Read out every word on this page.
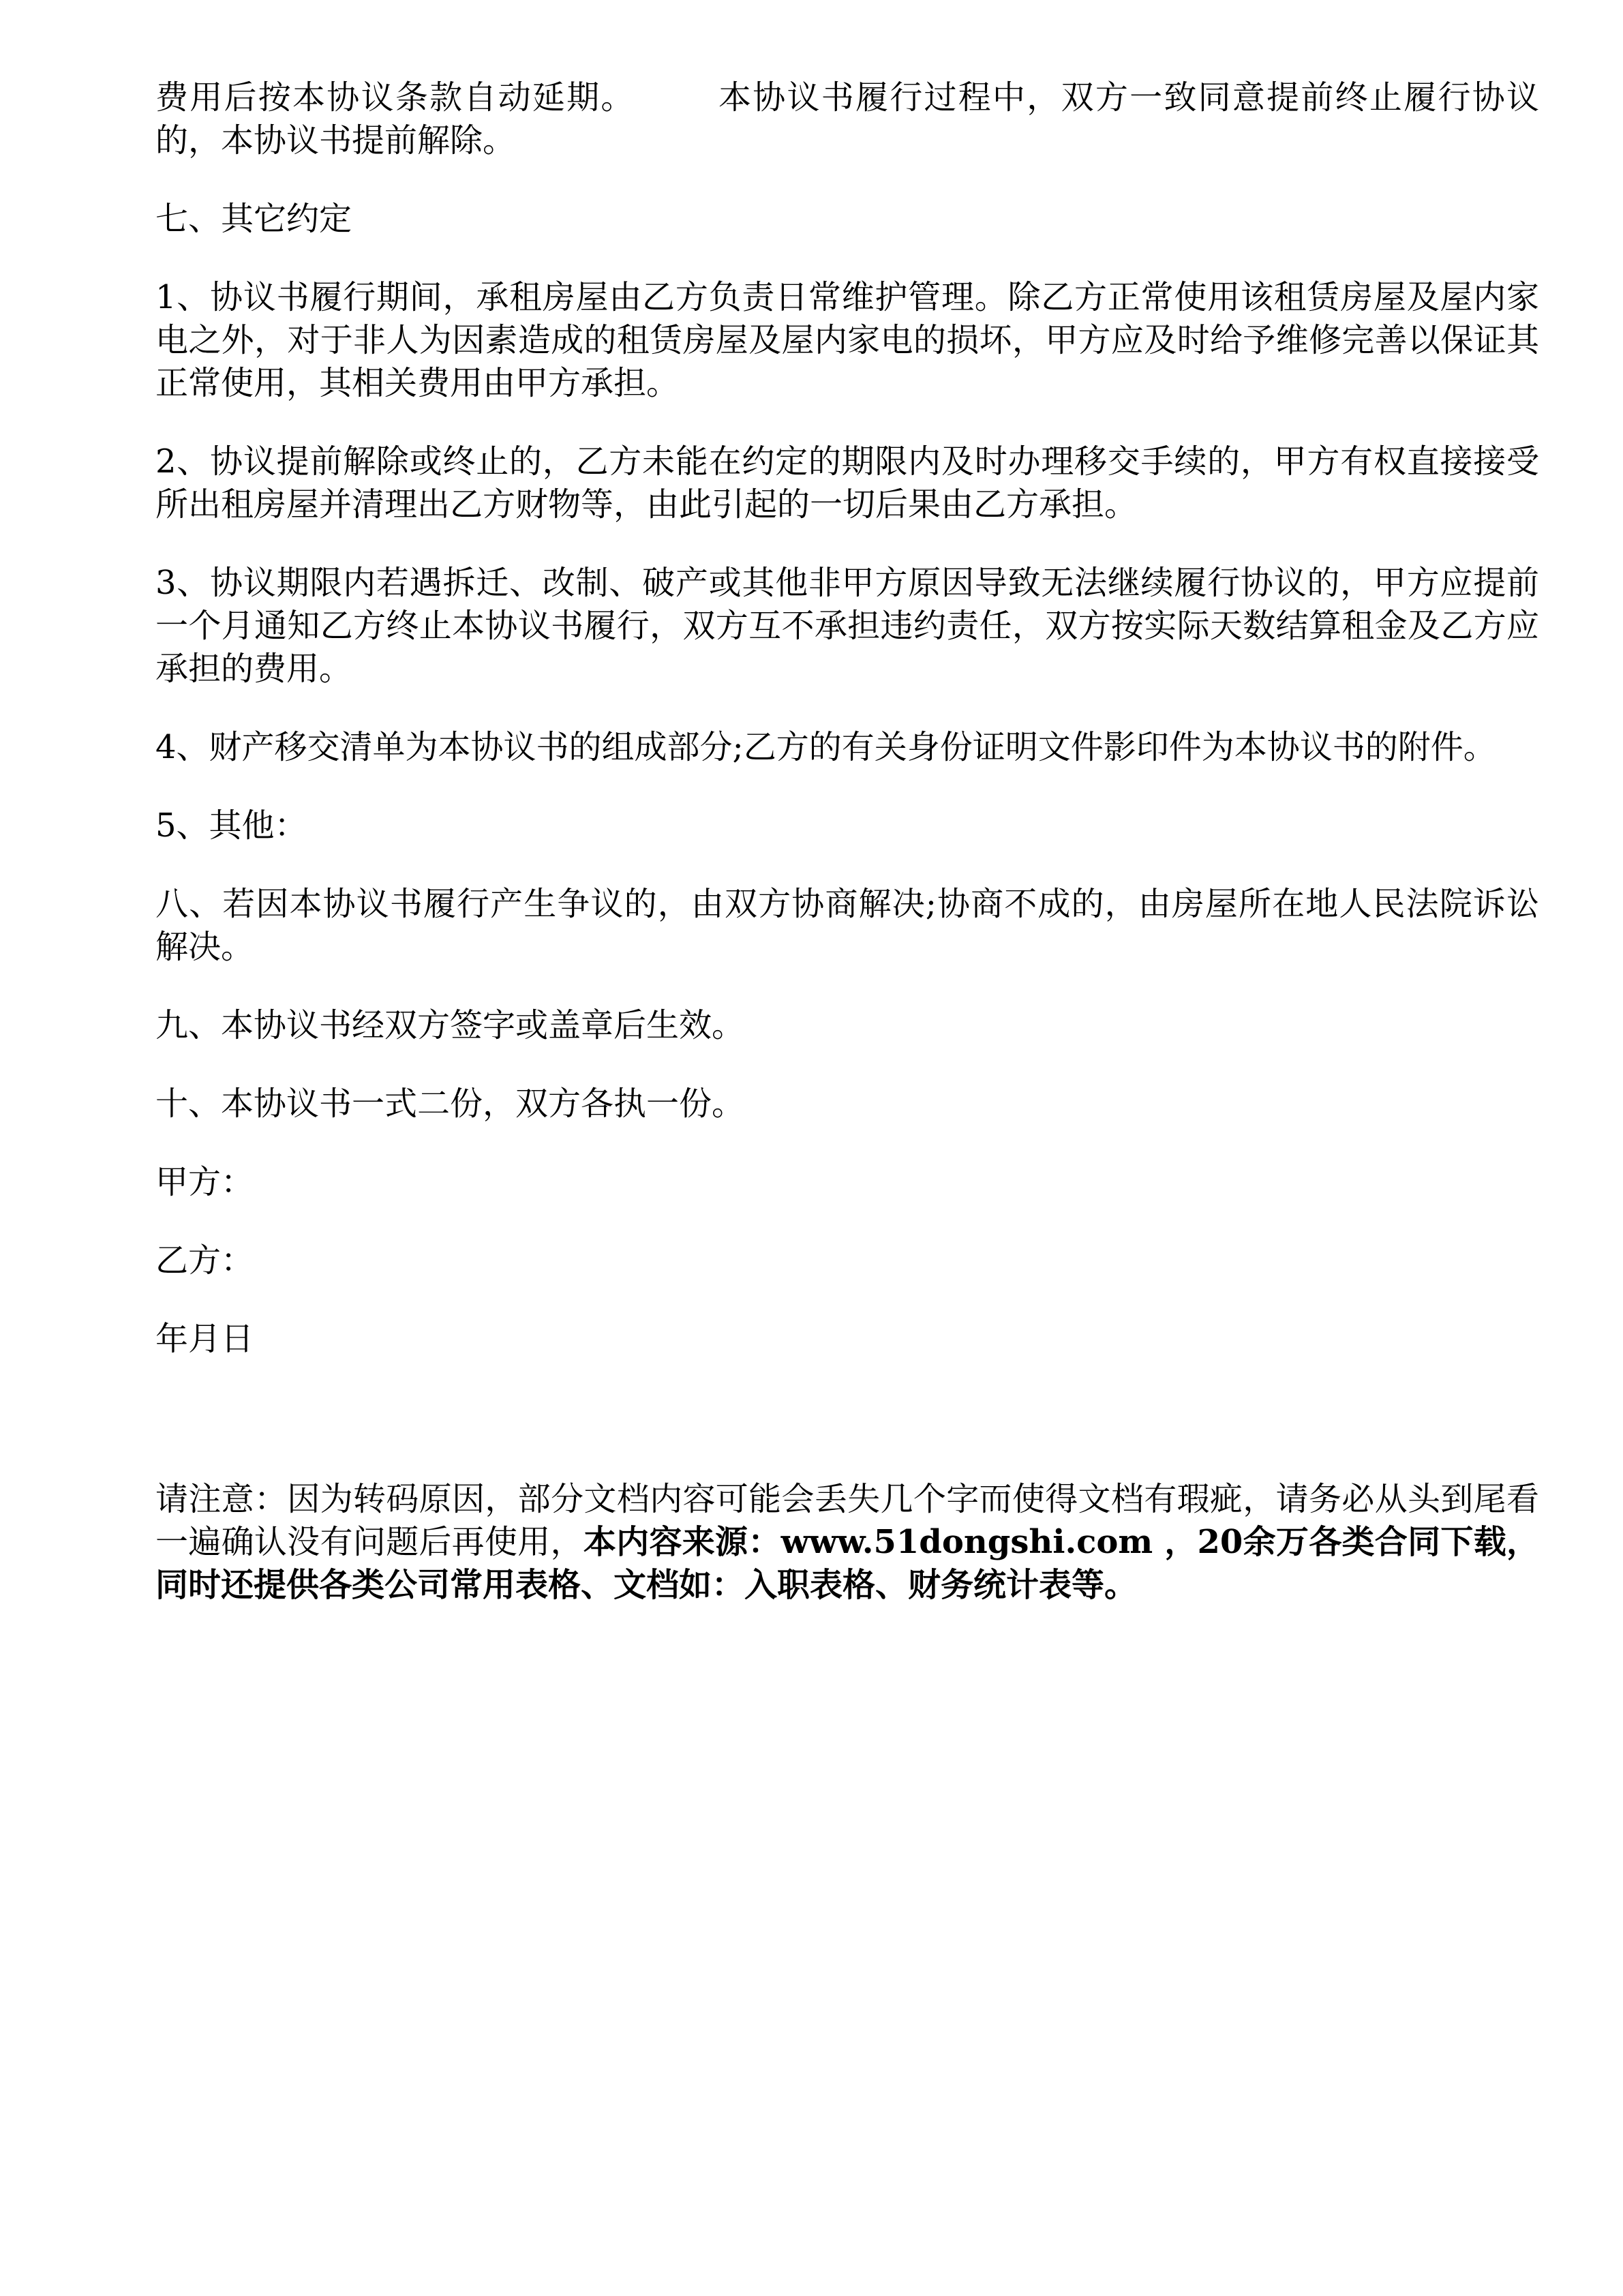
费用后按本协议条款自动延期。	本协议书履行过程中，双方一致同意提前终止履行协议的，本协议书提前解除。

七、其它约定

1、协议书履行期间，承租房屋由乙方负责日常维护管理。除乙方正常使用该租赁房屋及屋内家电之外，对于非人为因素造成的租赁房屋及屋内家电的损坏，甲方应及时给予维修完善以保证其正常使用，其相关费用由甲方承担。

2、协议提前解除或终止的，乙方未能在约定的期限内及时办理移交手续的，甲方有权直接接受所出租房屋并清理出乙方财物等，由此引起的一切后果由乙方承担。

3、协议期限内若遇拆迁、改制、破产或其他非甲方原因导致无法继续履行协议的，甲方应提前一个月通知乙方终止本协议书履行，双方互不承担违约责任，双方按实际天数结算租金及乙方应承担的费用。

4、财产移交清单为本协议书的组成部分;乙方的有关身份证明文件影印件为本协议书的附件。

5、其他：

八、若因本协议书履行产生争议的，由双方协商解决;协商不成的，由房屋所在地人民法院诉讼解决。

九、本协议书经双方签字或盖章后生效。

十、本协议书一式二份，双方各执一份。

甲方：

乙方：

年月日

请注意：因为转码原因，部分文档内容可能会丢失几个字而使得文档有瑕疵，请务必从头到尾看一遍确认没有问题后再使用，本内容来源：www.51dongshi.com ，20余万各类合同下载，同时还提供各类公司常用表格、文档如：入职表格、财务统计表等。
